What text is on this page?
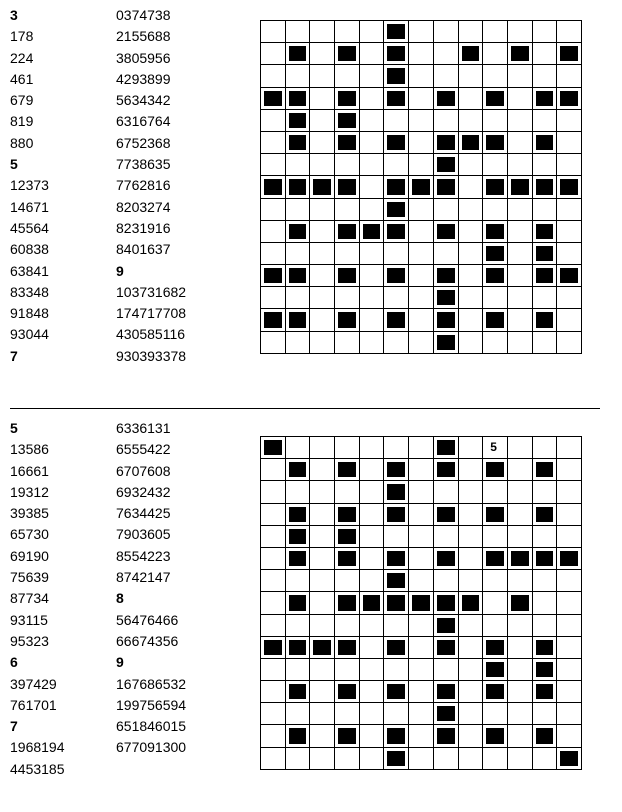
3
178
224
461
679
819
880
5
12373
14671
45564
60838
63841
83348
91848
93044
7
0374738
2155688
3805956
4293899
5634342
6316764
6752368
7738635
7762816
8203274
8231916
8401637
9
103731682
174717708
430585116
930393378

5
13586
16661
19312
39385
65730
69190
75639
87734
93115
95323
6
397429
761701
7
1968194
4453185
6336131
6555422
6707608
6932432
7634425
7903605
8554223
8742147
8
56476466
66674356
9
167686532
199756594
651846015
677091300

									5			
